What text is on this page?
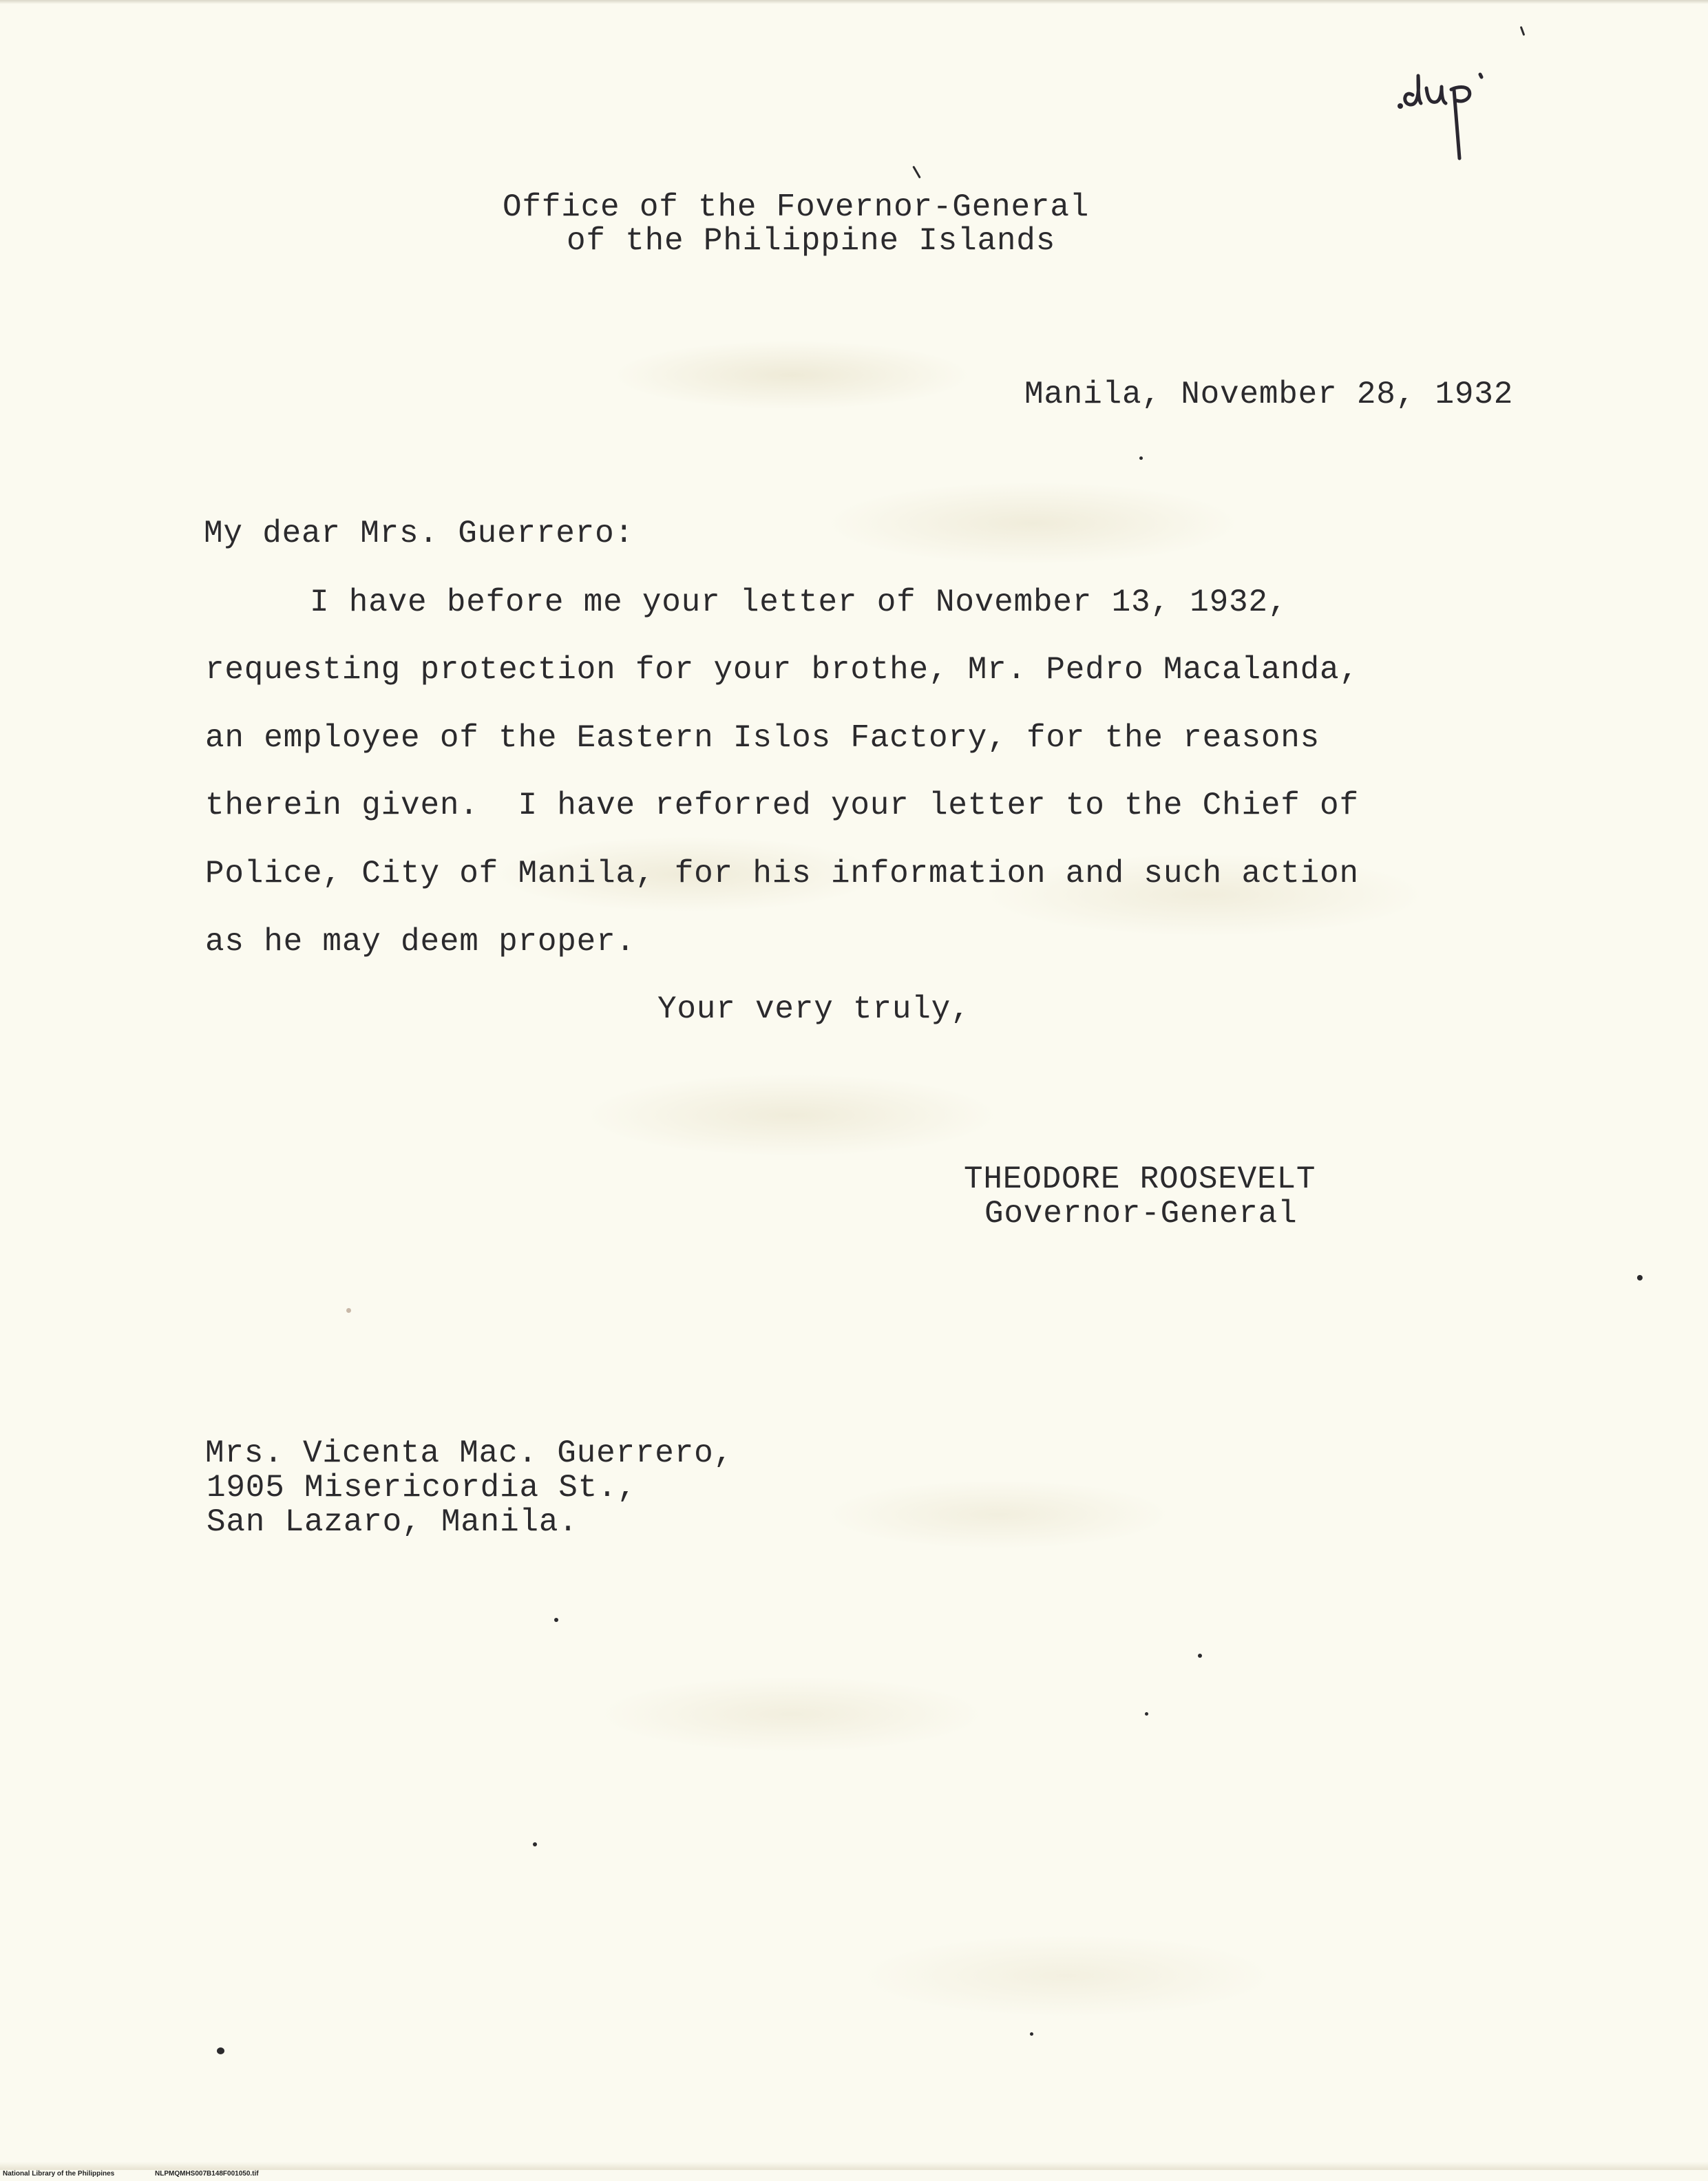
Office of the Fovernor-General
of the Philippine Islands
Manila, November 28, 1932
My dear Mrs. Guerrero:
I have before me your letter of November 13, 1932,
requesting protection for your brothe, Mr. Pedro Macalanda,
an employee of the Eastern Islos Factory, for the reasons
therein given.  I have reforred your letter to the Chief of
Police, City of Manila, for his information and such action
as he may deem proper.
Your very truly,
THEODORE ROOSEVELT
Governor-General
Mrs. Vicenta Mac. Guerrero,
1905 Misericordia St.,
San Lazaro, Manila.
National Library of the Philippines	NLPMQMHS007B148F001050.tif
